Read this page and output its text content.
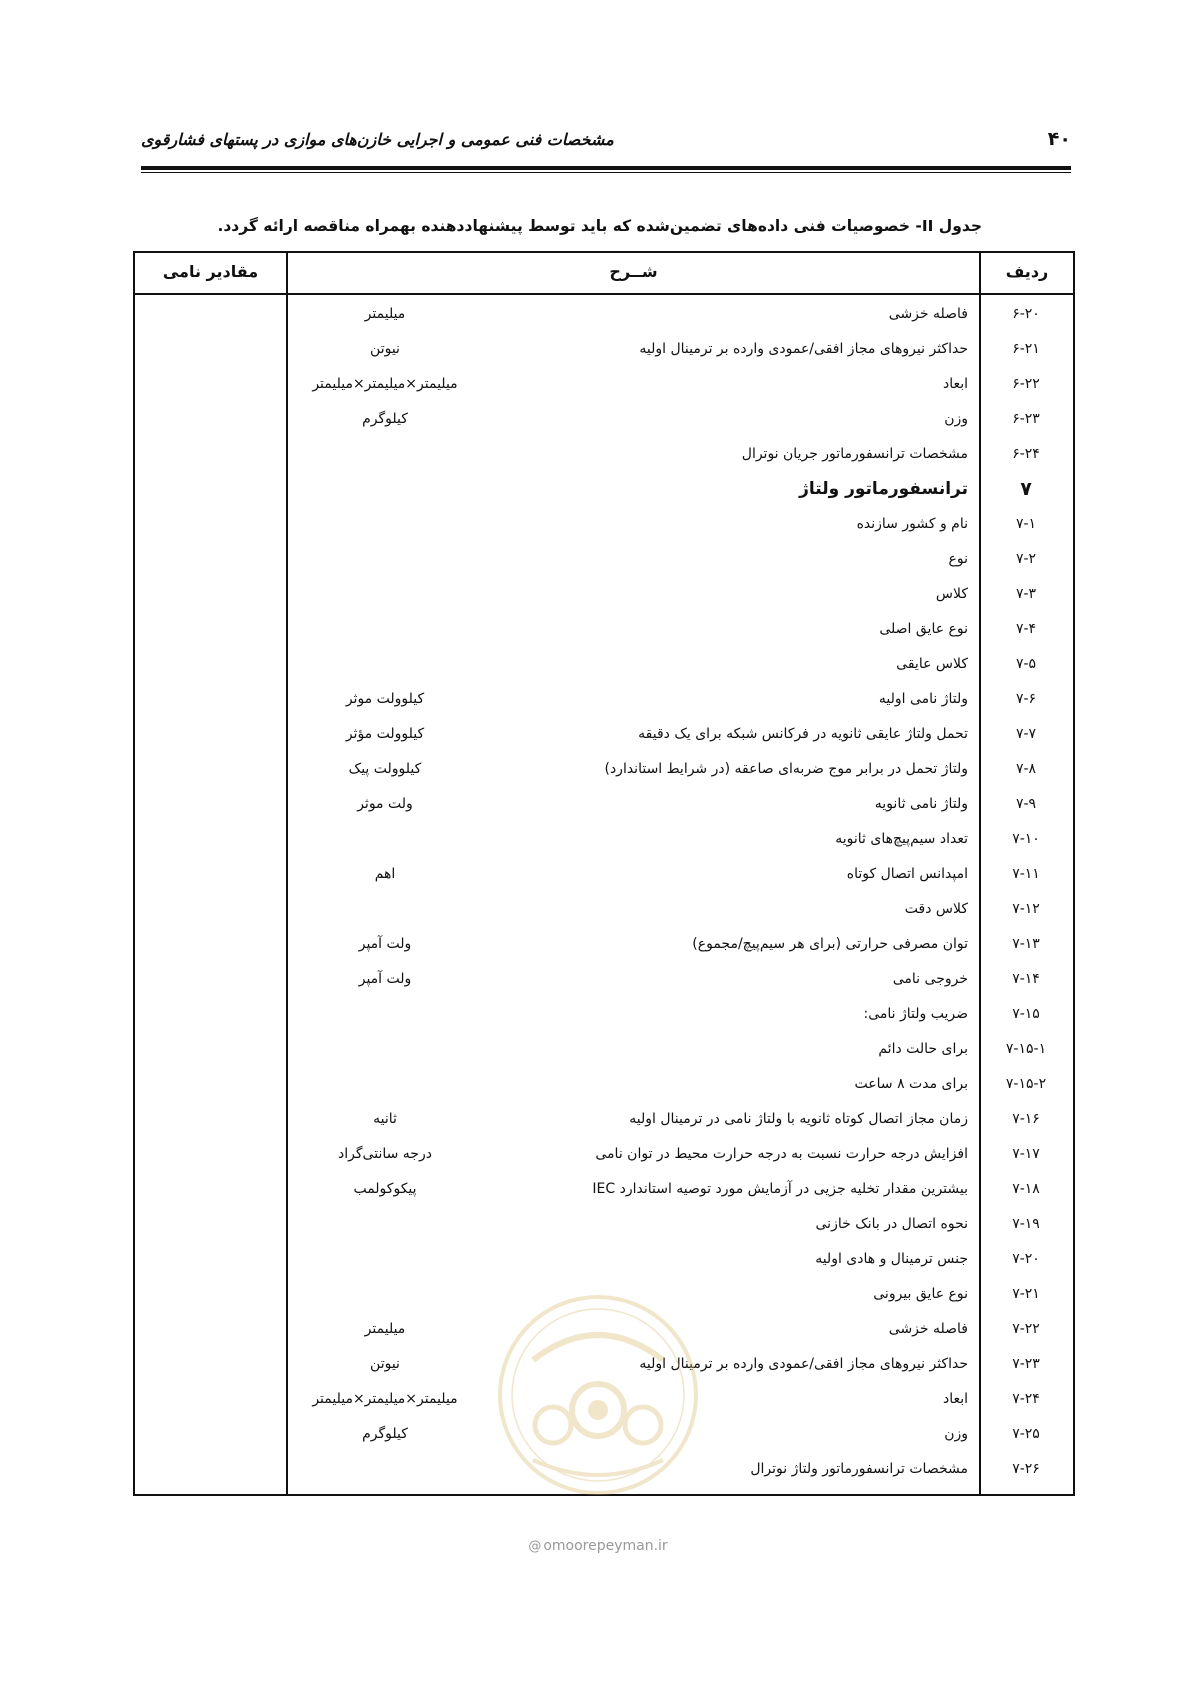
۴۰
مشخصات فنی عمومی و اجرایی خازن‌های موازی در پستهای فشارقوی
جدول II- خصوصیات فنی داده‌های تضمین‌شده که باید توسط پیشنهاددهنده بهمراه مناقصه ارائه گردد.
ردیف
شــرح
مقادیر نامی
۶-۲۰
فاصله خزشی
میلیمتر
۶-۲۱
حداکثر نیروهای مجاز افقی/عمودی وارده بر ترمینال اولیه
نیوتن
۶-۲۲
ابعاد
میلیمتر×میلیمتر×میلیمتر
۶-۲۳
وزن
کیلوگرم
۶-۲۴
مشخصات ترانسفورماتور جریان نوترال
۷
ترانسفورماتور ولتاژ
۷-۱
نام و کشور سازنده
۷-۲
نوع
۷-۳
کلاس
۷-۴
نوع عایق اصلی
۷-۵
کلاس عایقی
۷-۶
ولتاژ نامی اولیه
کیلوولت موثر
۷-۷
تحمل ولتاژ عایقی ثانویه در فرکانس شبکه برای یک دقیقه
کیلوولت مؤثر
۷-۸
ولتاژ تحمل در برابر موج ضربه‌ای صاعقه (در شرایط استاندارد)
کیلوولت پیک
۷-۹
ولتاژ نامی ثانویه
ولت موثر
۷-۱۰
تعداد سیم‌پیچ‌های ثانویه
۷-۱۱
امپدانس اتصال کوتاه
اهم
۷-۱۲
کلاس دقت
۷-۱۳
توان مصرفی حرارتی (برای هر سیم‌پیچ/مجموع)
ولت آمپر
۷-۱۴
خروجی نامی
ولت آمپر
۷-۱۵
ضریب ولتاژ نامی:
۷-۱۵-۱
برای حالت دائم
۷-۱۵-۲
برای مدت ۸ ساعت
۷-۱۶
زمان مجاز اتصال کوتاه ثانویه با ولتاژ نامی در ترمینال اولیه
ثانیه
۷-۱۷
افزایش درجه حرارت نسبت به درجه حرارت محیط در توان نامی
درجه سانتی‌گراد
۷-۱۸
بیشترین مقدار تخلیه جزیی در آزمایش مورد توصیه استاندارد IEC
پیکوکولمب
۷-۱۹
نحوه اتصال در بانک خازنی
۷-۲۰
جنس ترمینال و هادی اولیه
۷-۲۱
نوع عایق بیرونی
۷-۲۲
فاصله خزشی
میلیمتر
۷-۲۳
حداکثر نیروهای مجاز افقی/عمودی وارده بر ترمینال اولیه
نیوتن
۷-۲۴
ابعاد
میلیمتر×میلیمتر×میلیمتر
۷-۲۵
وزن
کیلوگرم
۷-۲۶
مشخصات ترانسفورماتور ولتاژ نوترال
@ omoorepeyman.ir
